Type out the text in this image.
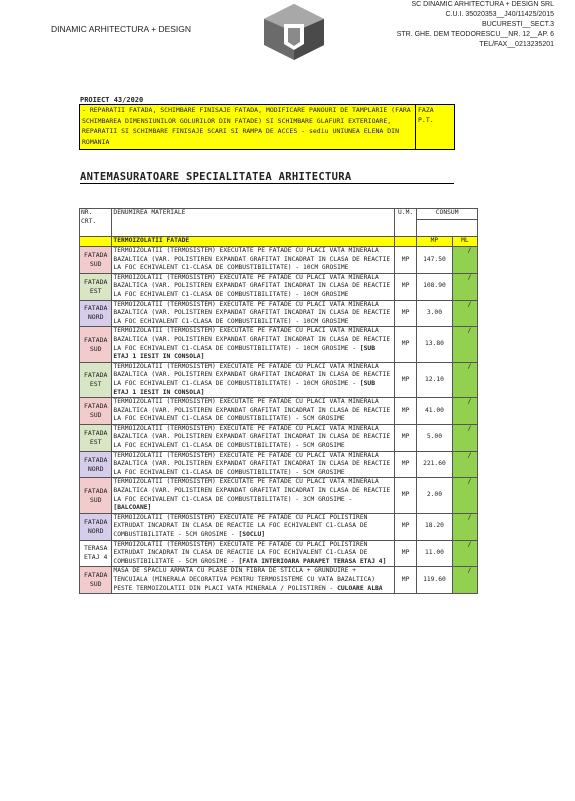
DINAMIC ARHITECTURA + DESIGN
SC DINAMIC ARHITECTURA + DESIGN SRL
C.U.I. 35020353__J40/11425/2015
BUCURESTI__SECT.3
STR. GHE. DEM TEODORESCU__NR. 12__AP. 6
TEL/FAX__0213235201
PROIECT 43/2020
- REPARATII FATADA, SCHIMBARE FINISAJE FATADA, MODIFICARE PANOURI DE TAMPLARIE (FARA SCHIMBAREA DIMENSIUNILOR GOLURILOR DIN FATADE) SI SCHIMBARE GLAFURI EXTERIOARE, REPARATII SI SCHIMBARE FINISAJE SCARI SI RAMPA DE ACCES - sediu UNIUNEA ELENA DIN ROMANIA
FAZA
P.T.
ANTEMASURATOARE SPECIALITATEA ARHITECTURA
NR. CRT.	DENUMIREA MATERIALE	U.M.	CONSUM	

	TERMOIZOLATII FATADE		MP	ML
FATADA SUD	TERMOIZOLATII (TERMOSISTEM) EXECUTATE PE FATADE CU PLACI VATA MINERALA BAZALTICA (VAR. POLISTIREN EXPANDAT GRAFITAT INCADRAT IN CLASA DE REACTIE LA FOC ECHIVALENT C1-CLASA DE COMBUSTIBILITATE) - 10CM GROSIME	MP	147.50	/

FATADA EST	TERMOIZOLATII (TERMOSISTEM) EXECUTATE PE FATADE CU PLACI VATA MINERALA BAZALTICA (VAR. POLISTIREN EXPANDAT GRAFITAT INCADRAT IN CLASA DE REACTIE LA FOC ECHIVALENT C1-CLASA DE COMBUSTIBILITATE) - 10CM GROSIME	MP	108.90	/

FATADA NORD	TERMOIZOLATII (TERMOSISTEM) EXECUTATE PE FATADE CU PLACI VATA MINERALA BAZALTICA (VAR. POLISTIREN EXPANDAT GRAFITAT INCADRAT IN CLASA DE REACTIE LA FOC ECHIVALENT C1-CLASA DE COMBUSTIBILITATE) - 10CM GROSIME	MP	3.00	/

FATADA SUD	TERMOIZOLATII (TERMOSISTEM) EXECUTATE PE FATADE CU PLACI VATA MINERALA BAZALTICA (VAR. POLISTIREN EXPANDAT GRAFITAT INCADRAT IN CLASA DE REACTIE LA FOC ECHIVALENT C1-CLASA DE COMBUSTIBILITATE) - 10CM GROSIME - [SUB ETAJ 1 IESIT IN CONSOLA]	MP	13.80	/

FATADA EST	TERMOIZOLATII (TERMOSISTEM) EXECUTATE PE FATADE CU PLACI VATA MINERALA BAZALTICA (VAR. POLISTIREN EXPANDAT GRAFITAT INCADRAT IN CLASA DE REACTIE LA FOC ECHIVALENT C1-CLASA DE COMBUSTIBILITATE) - 10CM GROSIME - [SUB ETAJ 1 IESIT IN CONSOLA]	MP	12.10	/

FATADA SUD	TERMOIZOLATII (TERMOSISTEM) EXECUTATE PE FATADE CU PLACI VATA MINERALA BAZALTICA (VAR. POLISTIREN EXPANDAT GRAFITAT INCADRAT IN CLASA DE REACTIE LA FOC ECHIVALENT C1-CLASA DE COMBUSTIBILITATE) - 5CM GROSIME	MP	41.00	/

FATADA EST	TERMOIZOLATII (TERMOSISTEM) EXECUTATE PE FATADE CU PLACI VATA MINERALA BAZALTICA (VAR. POLISTIREN EXPANDAT GRAFITAT INCADRAT IN CLASA DE REACTIE LA FOC ECHIVALENT C1-CLASA DE COMBUSTIBILITATE) - 5CM GROSIME	MP	5.00	/

FATADA NORD	TERMOIZOLATII (TERMOSISTEM) EXECUTATE PE FATADE CU PLACI VATA MINERALA BAZALTICA (VAR. POLISTIREN EXPANDAT GRAFITAT INCADRAT IN CLASA DE REACTIE LA FOC ECHIVALENT C1-CLASA DE COMBUSTIBILITATE) - 5CM GROSIME	MP	221.60	/

FATADA SUD	TERMOIZOLATII (TERMOSISTEM) EXECUTATE PE FATADE CU PLACI VATA MINERALA BAZALTICA (VAR. POLISTIREN EXPANDAT GRAFITAT INCADRAT IN CLASA DE REACTIE LA FOC ECHIVALENT C1-CLASA DE COMBUSTIBILITATE) - 3CM GROSIME - [BALCOANE]	MP	2.00	/

FATADA NORD	TERMOIZOLATII (TERMOSISTEM) EXECUTATE PE FATADE CU PLACI POLISTIREN EXTRUDAT INCADRAT IN CLASA DE REACTIE LA FOC ECHIVALENT C1-CLASA DE COMBUSTIBILITATE - 5CM GROSIME - [SOCLU]	MP	18.20	/

TERASA ETAJ 4	TERMOIZOLATII (TERMOSISTEM) EXECUTATE PE FATADE CU PLACI POLISTIREN EXTRUDAT INCADRAT IN CLASA DE REACTIE LA FOC ECHIVALENT C1-CLASA DE COMBUSTIBILITATE - 5CM GROSIME - [FATA INTERIOARA PARAPET TERASA ETAJ 4]	MP	11.00	/

FATADA SUD	MASA DE SPACLU ARMATA CU PLASE DIN FIBRA DE STICLA + GRUNDUIRE + TENCUIALA (MINERALA DECORATIVA PENTRU TERMOSISTEME CU VATA BAZALTICA) PESTE TERMOIZOLATII DIN PLACI VATA MINERALA / POLISTIREN - CULOARE ALBA	MP	119.60	/
